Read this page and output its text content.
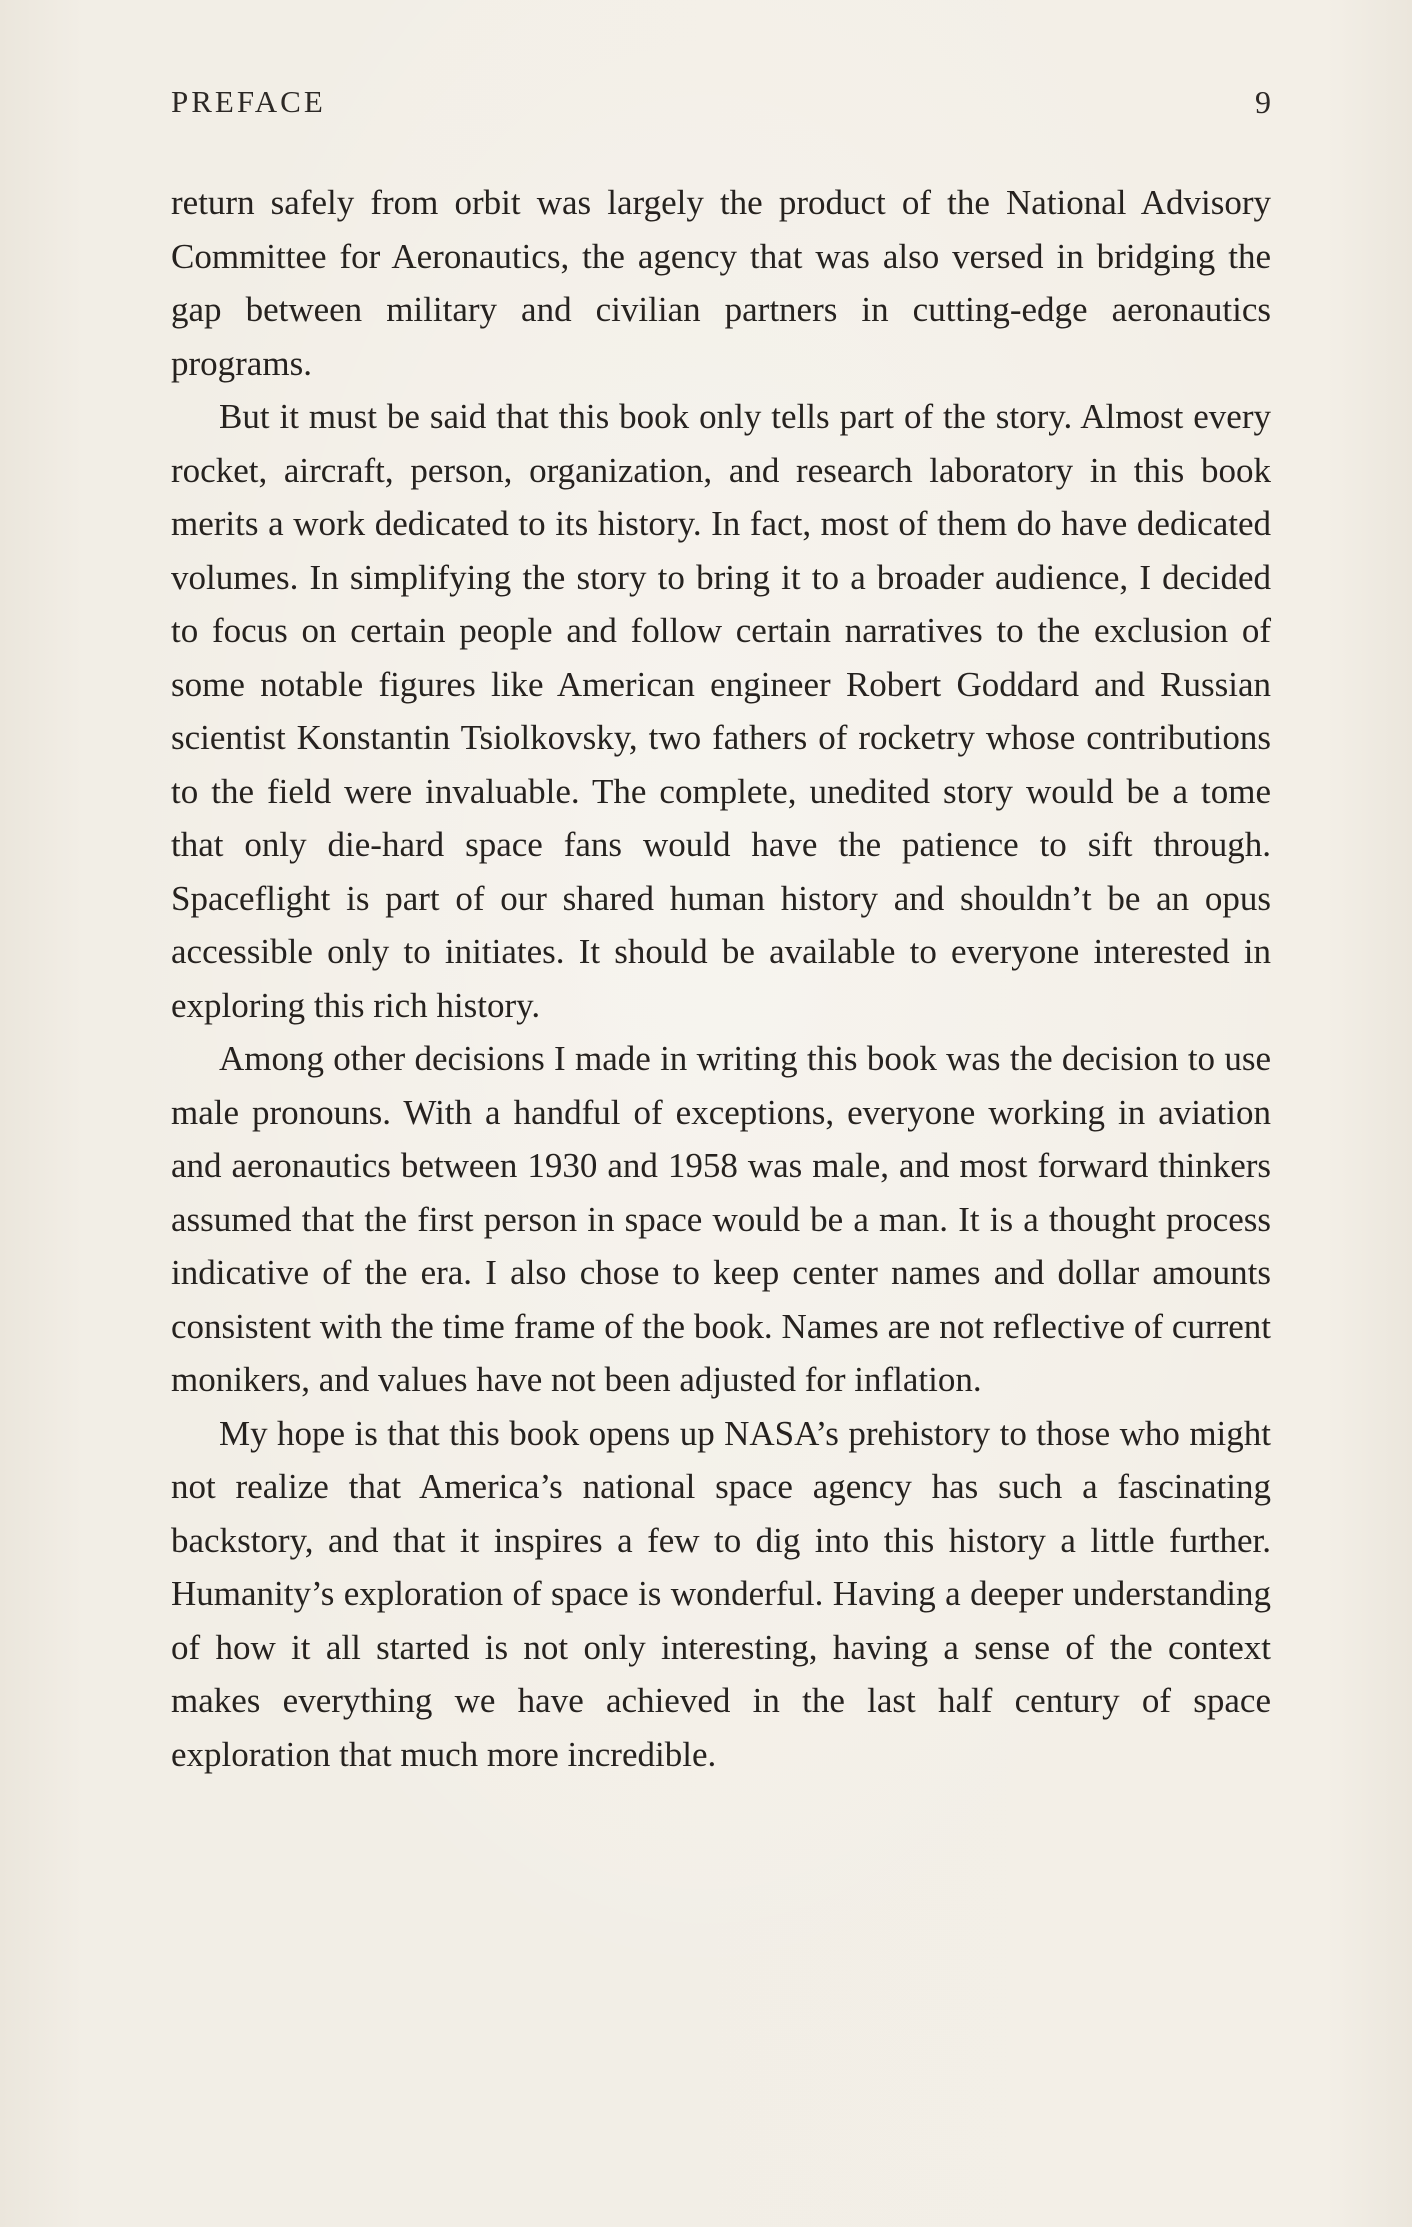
PREFACE	9

return safely from orbit was largely the product of the National Advisory Committee for Aeronautics, the agency that was also versed in bridging the gap between military and civilian partners in cutting-edge aeronautics programs.

But it must be said that this book only tells part of the story. Almost every rocket, aircraft, person, organization, and research laboratory in this book merits a work dedicated to its history. In fact, most of them do have dedicated volumes. In simplifying the story to bring it to a broader audience, I decided to focus on certain people and follow certain narratives to the exclusion of some notable figures like American engineer Robert Goddard and Russian scientist Konstantin Tsiolkovsky, two fathers of rocketry whose contributions to the field were invaluable. The complete, unedited story would be a tome that only die-hard space fans would have the patience to sift through. Spaceflight is part of our shared human history and shouldn’t be an opus accessible only to initiates. It should be available to everyone interested in exploring this rich history.

Among other decisions I made in writing this book was the decision to use male pronouns. With a handful of exceptions, everyone working in aviation and aeronautics between 1930 and 1958 was male, and most forward thinkers assumed that the first person in space would be a man. It is a thought process indicative of the era. I also chose to keep center names and dollar amounts consistent with the time frame of the book. Names are not reflective of current monikers, and values have not been adjusted for inflation.

My hope is that this book opens up NASA’s prehistory to those who might not realize that America’s national space agency has such a fascinating backstory, and that it inspires a few to dig into this history a little further. Humanity’s exploration of space is wonderful. Having a deeper understanding of how it all started is not only interesting, having a sense of the context makes everything we have achieved in the last half century of space exploration that much more incredible.
